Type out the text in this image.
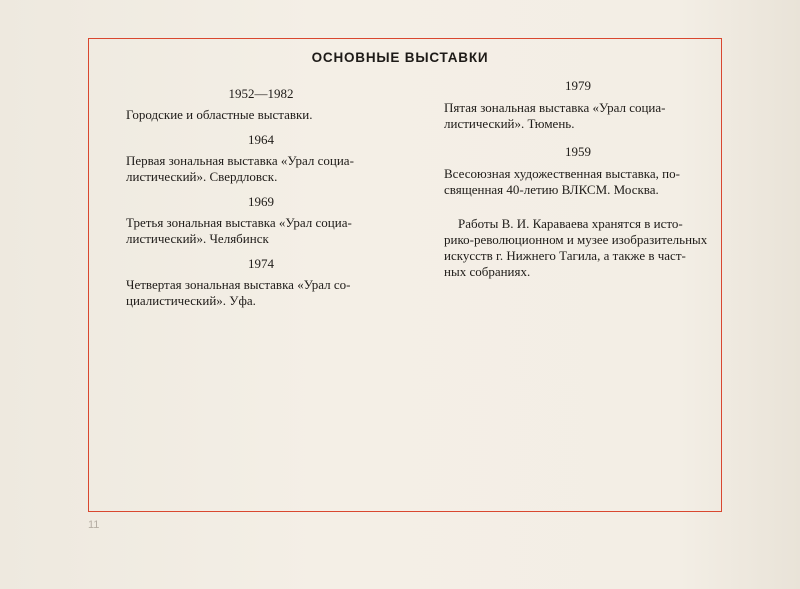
ОСНОВНЫЕ ВЫСТАВКИ
1952—1982
Городские и областные выставки.
1964
Первая зональная выставка «Урал социа-
листический». Свердловск.
1969
Третья зональная выставка «Урал социа-
листический». Челябинск
1974
Четвертая зональная выставка «Урал со-
циалистический». Уфа.
1979
Пятая зональная выставка «Урал социа-
листический». Тюмень.
1959
Всесоюзная художественная выставка, по-
священная 40-летию ВЛКСМ. Москва.
Работы В. И. Караваева хранятся в исто-
рико-революционном и музее изобразительных
искусств г. Нижнего Тагила, а также в част-
ных собраниях.
11
